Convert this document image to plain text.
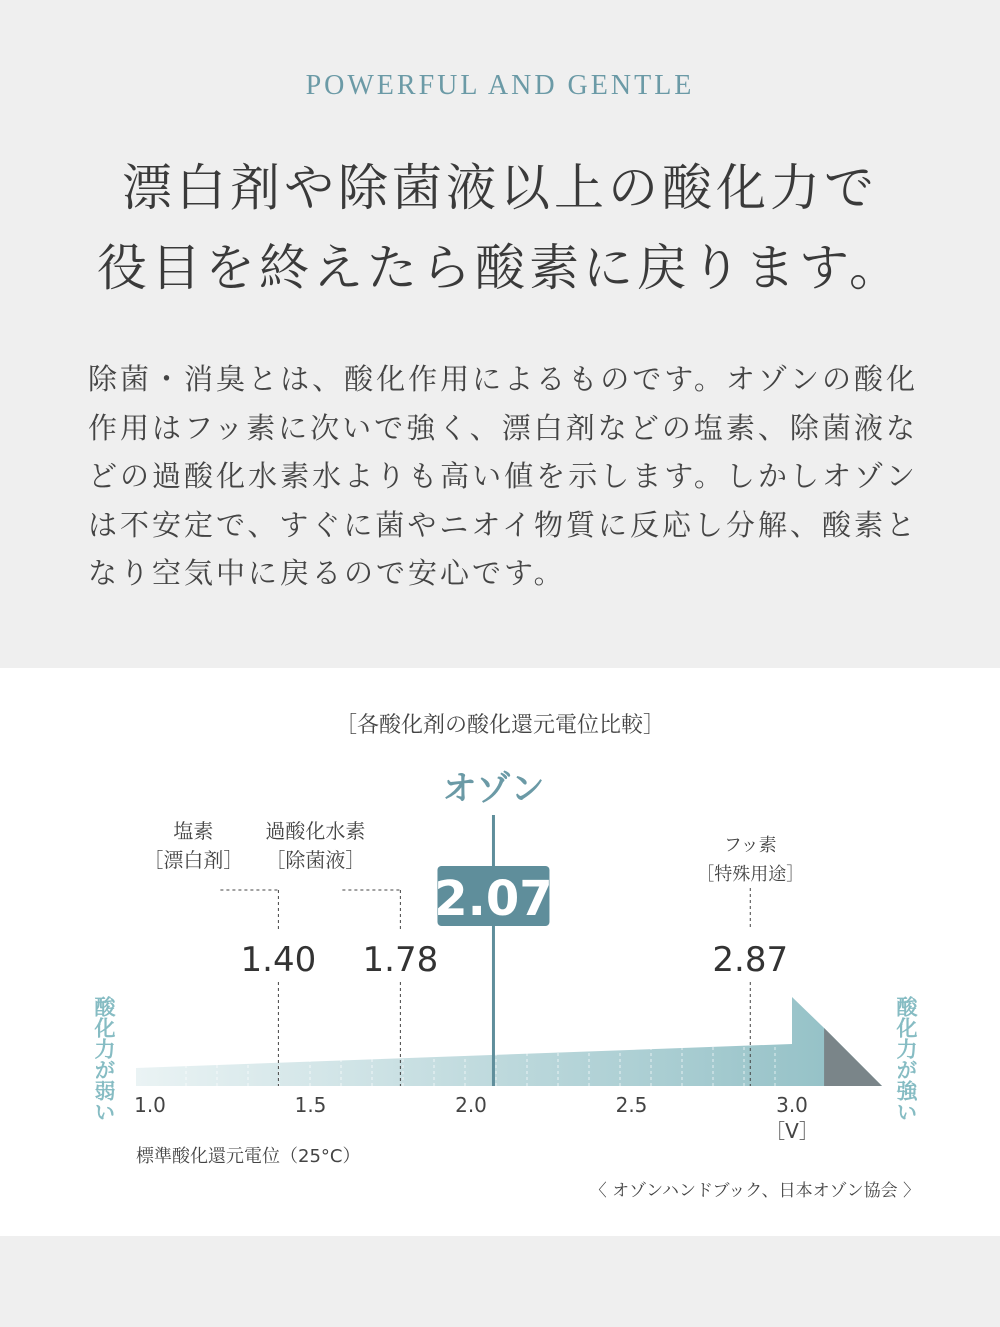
POWERFUL AND GENTLE
漂白剤や除菌液以上の酸化力で
役目を終えたら酸素に戻ります。
除菌・消臭とは、酸化作用によるものです。オゾンの酸化作用はフッ素に次いで強く、漂白剤などの塩素、除菌液などの過酸化水素水よりも高い値を示します。しかしオゾンは不安定で、すぐに菌やニオイ物質に反応し分解、酸素となり空気中に戻るので安心です。
［各酸化剤の酸化還元電位比較］
オゾン
塩素
［漂白剤］
1.40
過酸化水素
［除菌液］
1.78
フッ素
［特殊用途］
2.87
2.07
1.0	1.5	2.0	2.5	3.0
酸化力が弱い	酸化力が強い
［V］
標準酸化還元電位（25°C）
〈 オゾンハンドブック、日本オゾン協会 〉
